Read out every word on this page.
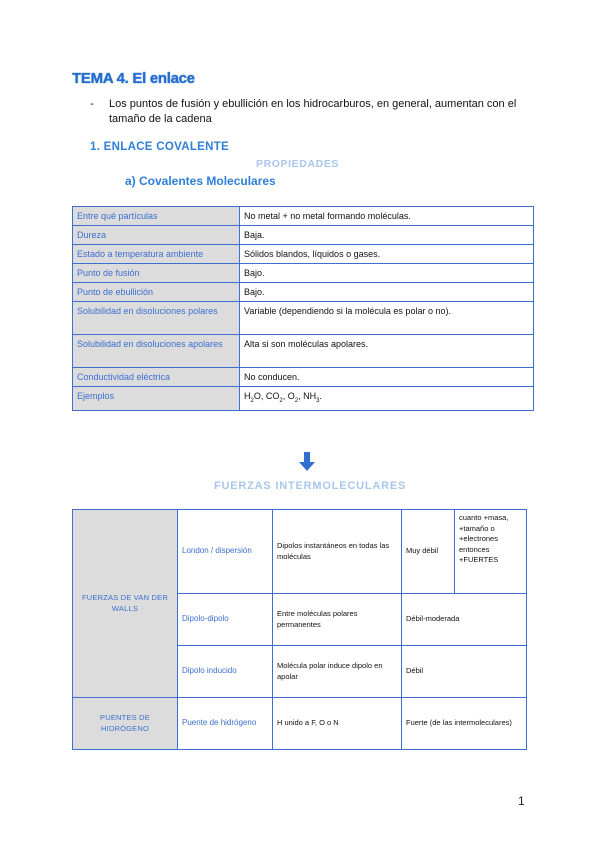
TEMA 4. El enlace
- Los puntos de fusión y ebullición en los hidrocarburos, en general, aumentan con el tamaño de la cadena
1. ENLACE COVALENTE
PROPIEDADES
a) Covalentes Moleculares
Entre qué partículas	No metal + no metal formando moléculas.
Dureza	Baja.
Estado a temperatura ambiente	Sólidos blandos, líquidos o gases.
Punto de fusión	Bajo.
Punto de ebullición	Bajo.
Solubilidad en disoluciones polares	Variable (dependiendo si la molécula es polar o no).
Solubilidad en disoluciones apolares	Alta si son moléculas apolares.
Conductividad eléctrica	No conducen.
Ejemplos	$H_2O$, $CO_2$, $O_2$, $NH_3$.
FUERZAS INTERMOLECULARES
FUERZAS DE VAN DER WALLS	London / dispersión	Dipolos instantáneos en todas las moléculas	Muy débil	cuanto +masa,
+tamaño o
+electrones
entonces
+FUERTES

	Dipolo-dipolo	Entre moléculas polares permanentes	Débil-moderada	
	Dipolo inducido	Molécula polar induce dipolo en apolar	Débil	
PUENTES DE HIDRÓGENO	Puente de hidrógeno	H unido a F, O o N	Fuerte (de las intermoleculares)	
1
